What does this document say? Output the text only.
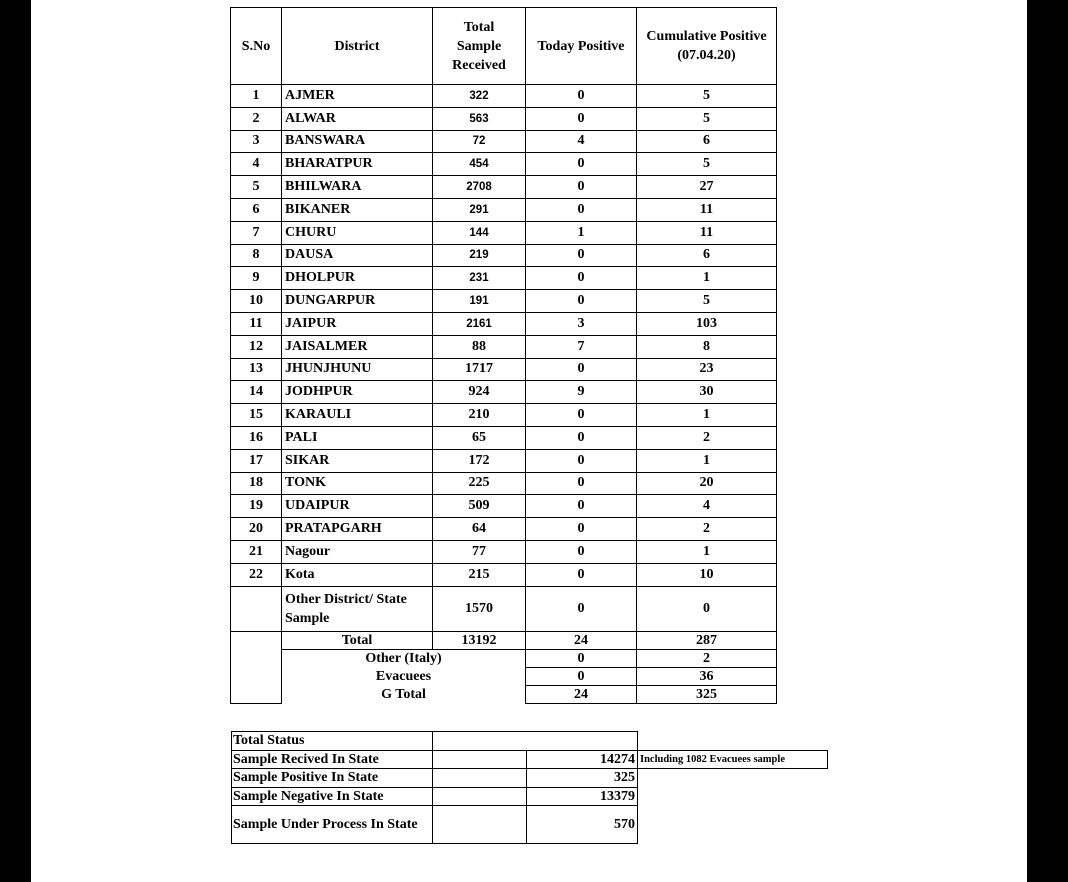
S.No	District	Total Sample Received	Today Positive	Cumulative Positive (07.04.20)
1	AJMER	322	0	5
2	ALWAR	563	0	5
3	BANSWARA	72	4	6
4	BHARATPUR	454	0	5
5	BHILWARA	2708	0	27
6	BIKANER	291	0	11
7	CHURU	144	1	11
8	DAUSA	219	0	6
9	DHOLPUR	231	0	1
10	DUNGARPUR	191	0	5
11	JAIPUR	2161	3	103
12	JAISALMER	88	7	8
13	JHUNJHUNU	1717	0	23
14	JODHPUR	924	9	30
15	KARAULI	210	0	1
16	PALI	65	0	2
17	SIKAR	172	0	1
18	TONK	225	0	20
19	UDAIPUR	509	0	4
20	PRATAPGARH	64	0	2
21	Nagour	77	0	1
22	Kota	215	0	10
	Other District/ State Sample	1570	0	0
	Total	13192	24	287
	Other (Italy)		0	2
	Evacuees		0	36
	G Total		24	325
Total Status			
Sample Recived In State		14274	Including 1082 Evacuees sample
Sample Positive In State		325	
Sample Negative In State		13379	
Sample Under Process In State		570	
